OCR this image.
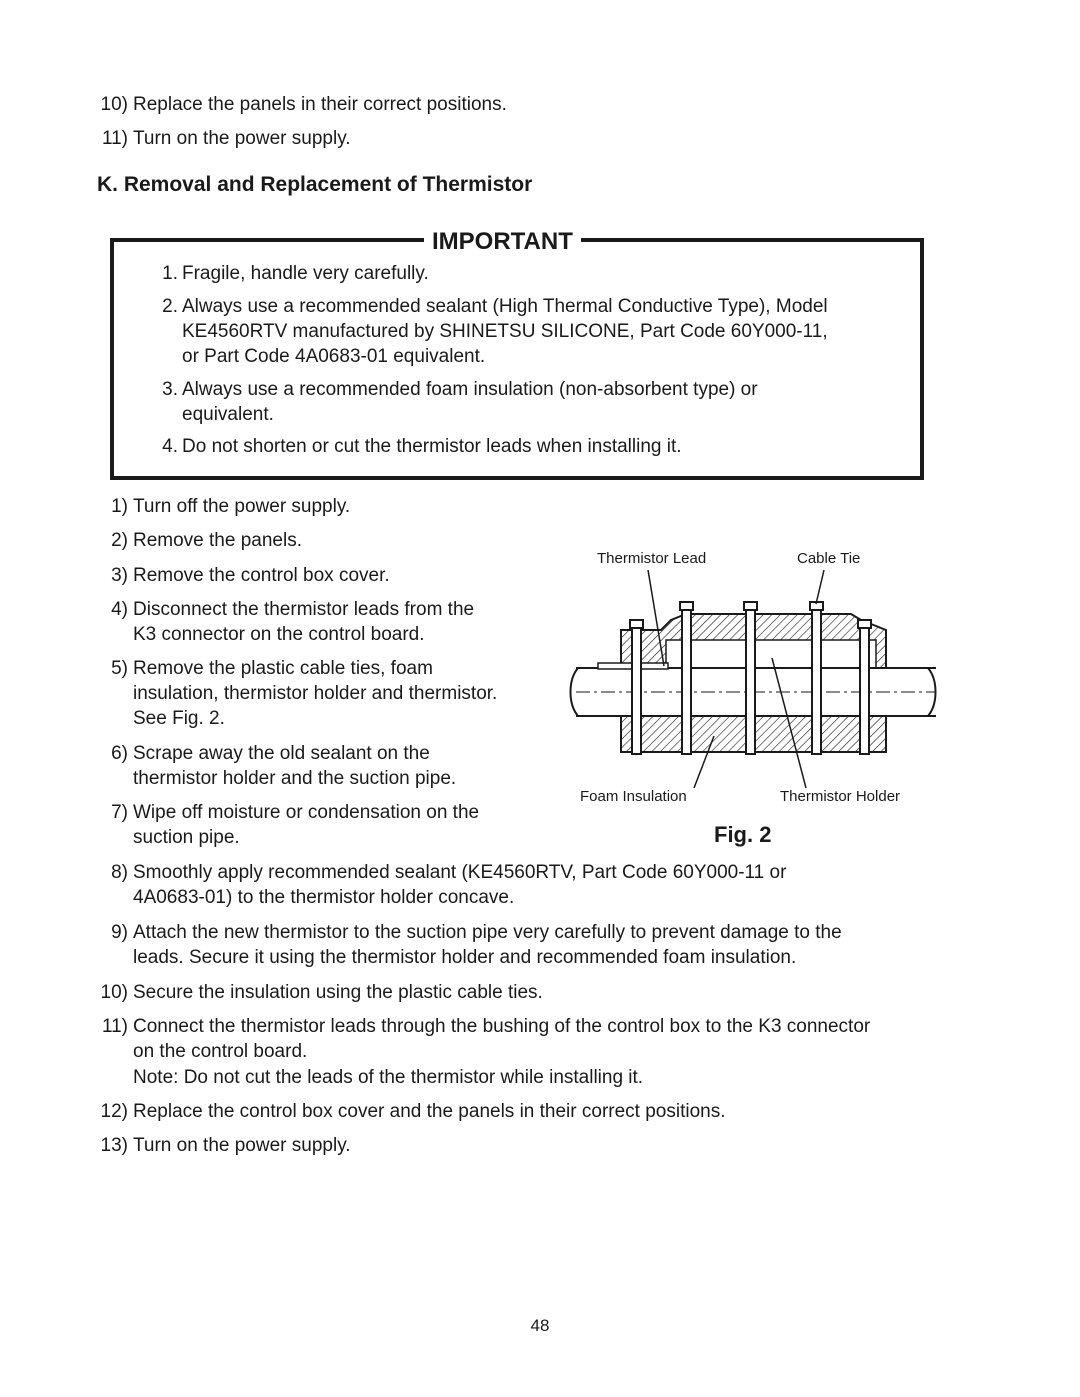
10) Replace the panels in their correct positions.
11) Turn on the power supply.
K. Removal and Replacement of Thermistor
IMPORTANT
1. Fragile, handle very carefully.
2. Always use a recommended sealant (High Thermal Conductive Type), Model
KE4560RTV manufactured by SHINETSU SILICONE, Part Code 60Y000-11,
or Part Code 4A0683-01 equivalent.
3. Always use a recommended foam insulation (non-absorbent type) or
equivalent.
4. Do not shorten or cut the thermistor leads when installing it.
1) Turn off the power supply.
2) Remove the panels.
3) Remove the control box cover.
4) Disconnect the thermistor leads from the
K3 connector on the control board.
5) Remove the plastic cable ties, foam
insulation, thermistor holder and thermistor.
See Fig. 2.
6) Scrape away the old sealant on the
thermistor holder and the suction pipe.
7) Wipe off moisture or condensation on the
suction pipe.	Fig. 2
8) Smoothly apply recommended sealant (KE4560RTV, Part Code 60Y000-11 or
4A0683-01) to the thermistor holder concave.
9) Attach the new thermistor to the suction pipe very carefully to prevent damage to the
leads. Secure it using the thermistor holder and recommended foam insulation.
10) Secure the insulation using the plastic cable ties.
11) Connect the thermistor leads through the bushing of the control box to the K3 connector
on the control board.
Note: Do not cut the leads of the thermistor while installing it.
12) Replace the control box cover and the panels in their correct positions.
13) Turn on the power supply.
Thermistor Lead	Cable Tie
Foam Insulation	Thermistor Holder
48
